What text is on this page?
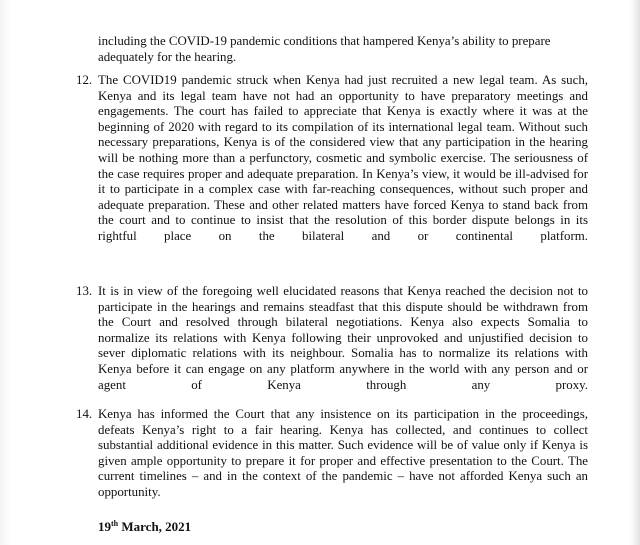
including the COVID-19 pandemic conditions that hampered Kenya’s ability to prepare adequately for the hearing.
12. The COVID19 pandemic struck when Kenya had just recruited a new legal team. As such, Kenya and its legal team have not had an opportunity to have preparatory meetings and engagements. The court has failed to appreciate that Kenya is exactly where it was at the beginning of 2020 with regard to its compilation of its international legal team. Without such necessary preparations, Kenya is of the considered view that any participation in the hearing will be nothing more than a perfunctory, cosmetic and symbolic exercise. The seriousness of the case requires proper and adequate preparation. In Kenya’s view, it would be ill-advised for it to participate in a complex case with far-reaching consequences, without such proper and adequate preparation. These and other related matters have forced Kenya to stand back from the court and to continue to insist that the resolution of this border dispute belongs in its rightful place on the bilateral and or continental platform.
13. It is in view of the foregoing well elucidated reasons that Kenya reached the decision not to participate in the hearings and remains steadfast that this dispute should be withdrawn from the Court and resolved through bilateral negotiations. Kenya also expects Somalia to normalize its relations with Kenya following their unprovoked and unjustified decision to sever diplomatic relations with its neighbour. Somalia has to normalize its relations with Kenya before it can engage on any platform anywhere in the world with any person and or agent of Kenya through any proxy.
14. Kenya has informed the Court that any insistence on its participation in the proceedings, defeats Kenya’s right to a fair hearing. Kenya has collected, and continues to collect substantial additional evidence in this matter. Such evidence will be of value only if Kenya is given ample opportunity to prepare it for proper and effective presentation to the Court. The current timelines – and in the context of the pandemic – have not afforded Kenya such an opportunity.
19th March, 2021
